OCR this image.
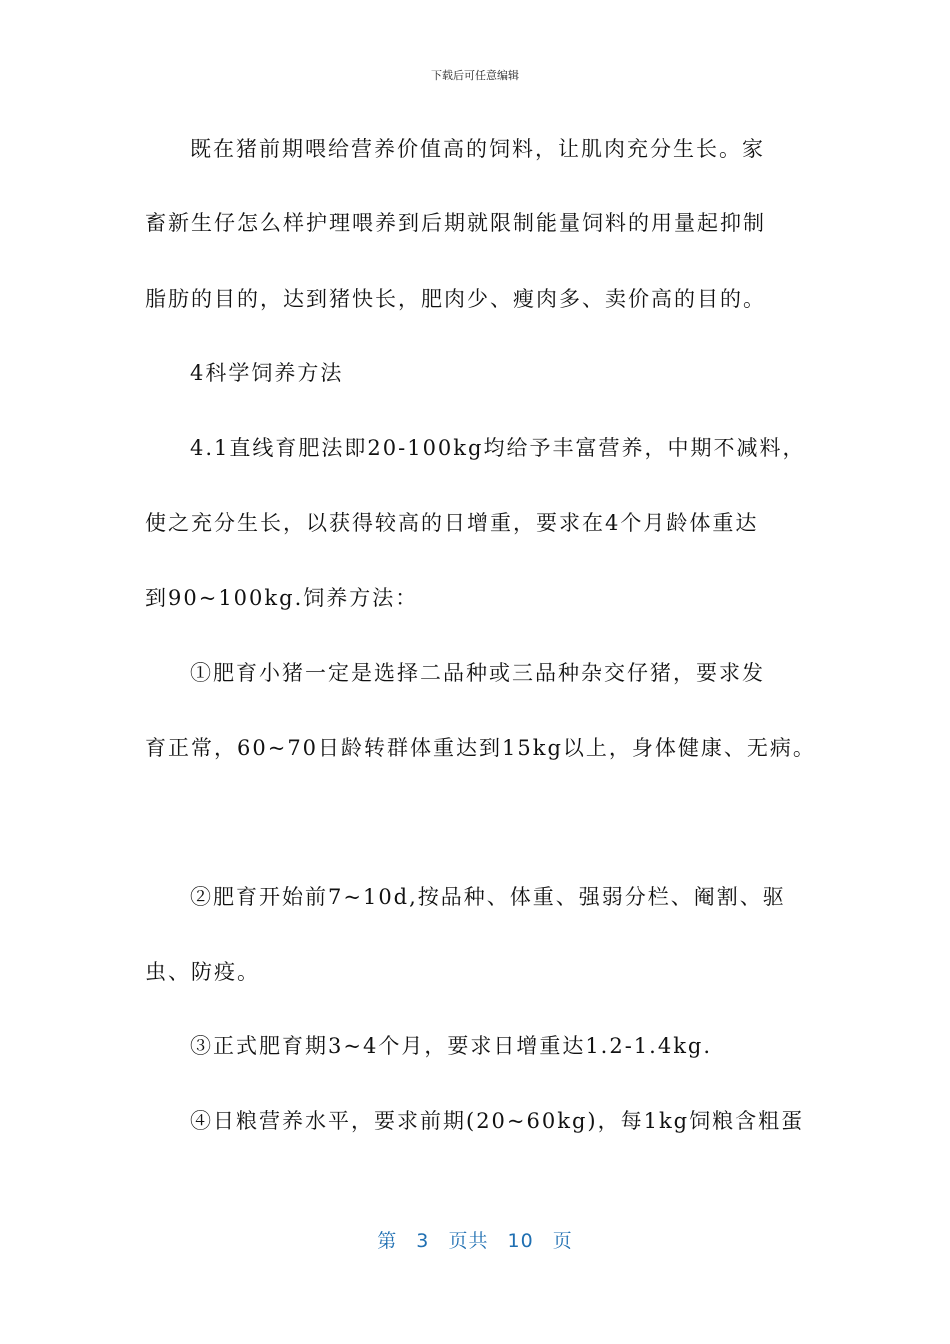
下载后可任意编辑
既在猪前期喂给营养价值高的饲料，让肌肉充分生长。家
畜新生仔怎么样护理喂养到后期就限制能量饲料的用量起抑制
脂肪的目的，达到猪快长，肥肉少、瘦肉多、卖价高的目的。
4科学饲养方法
4.1直线育肥法即20-100kg均给予丰富营养，中期不减料，
使之充分生长，以获得较高的日增重，要求在4个月龄体重达
到90~100kg.饲养方法：
①肥育小猪一定是选择二品种或三品种杂交仔猪，要求发
育正常，60~70日龄转群体重达到15kg以上，身体健康、无病。
②肥育开始前7~10d,按品种、体重、强弱分栏、阉割、驱
虫、防疫。
③正式肥育期3~4个月，要求日增重达1.2-1.4kg.
④日粮营养水平，要求前期(20~60kg)，每1kg饲粮含粗蛋
第 3 页共 10 页
